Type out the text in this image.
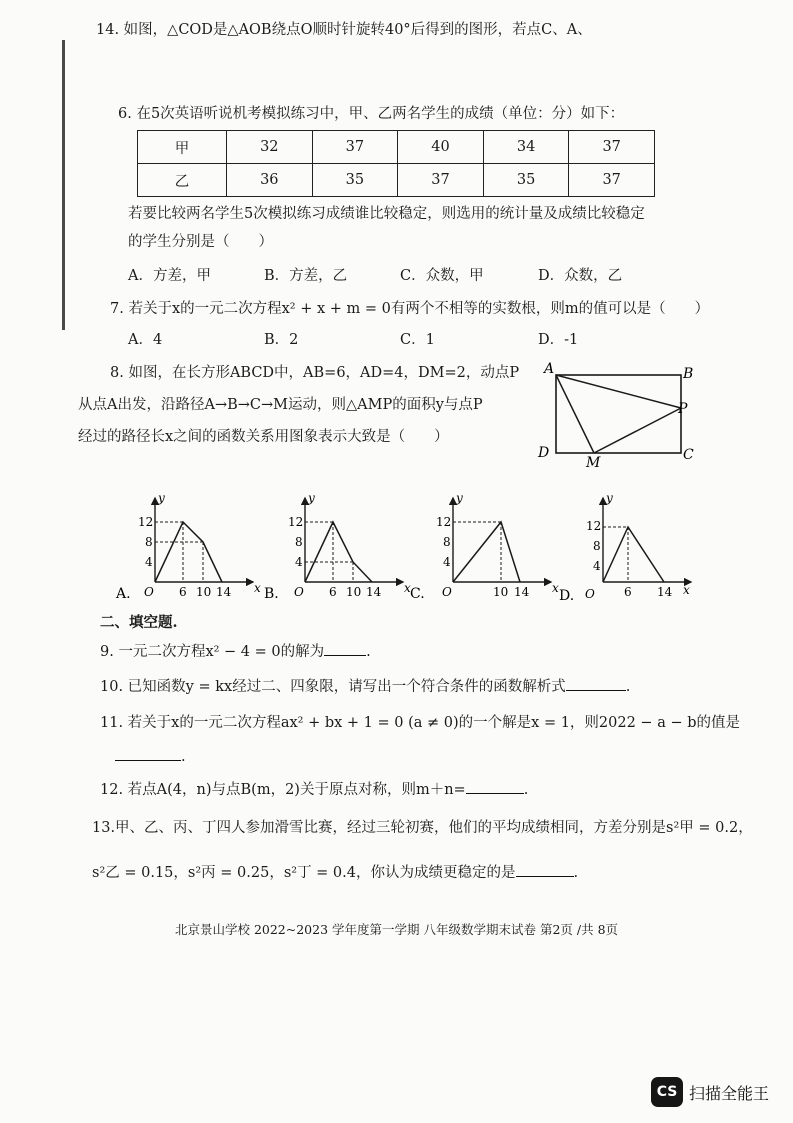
14. 如图，△COD是△AOB绕点O顺时针旋转40°后得到的图形，若点C、A、
6. 在5次英语听说机考模拟练习中，甲、乙两名学生的成绩（单位：分）如下：
甲	32	37	40	34	37
乙	36	35	37	35	37
若要比较两名学生5次模拟练习成绩谁比较稳定，则选用的统计量及成绩比较稳定
的学生分别是（　　）
A．方差，甲	B．方差，乙	C．众数，甲	D．众数，乙
7. 若关于x的一元二次方程x² + x + m = 0有两个不相等的实数根，则m的值可以是（　　）
A．4	B．2	C．1	D．-1
8. 如图，在长方形ABCD中，AB=6，AD=4，DM=2，动点P
从点A出发，沿路径A→B→C→M运动，则△AMP的面积y与点P
经过的路径长x之间的函数关系用图象表示大致是（　　）
A	B
C
D
M
P
y
x
O
12
8
4
6 10 14
A.
y
x
O
12
8
4
6 10 14
B.
y
x
O
12
8
4
10 14
C.
y
x
O
12
8
4
6 14
D.
二、填空题.
9. 一元二次方程x² − 4 = 0的解为	.
10. 已知函数y = kx经过二、四象限，请写出一个符合条件的函数解析式	.
11. 若关于x的一元二次方程ax² + bx + 1 = 0 (a ≠ 0)的一个解是x = 1，则2022 − a − b的值是
.
12. 若点A(4，n)与点B(m，2)关于原点对称，则m＋n=	.
13.甲、乙、丙、丁四人参加滑雪比赛，经过三轮初赛，他们的平均成绩相同，方差分别是s²甲 = 0.2，
s²乙 = 0.15，s²丙 = 0.25，s²丁 = 0.4，你认为成绩更稳定的是	.
北京景山学校 2022~2023 学年度第一学期 八年级数学期末试卷 第2页 /共 8页
CS 扫描全能王
